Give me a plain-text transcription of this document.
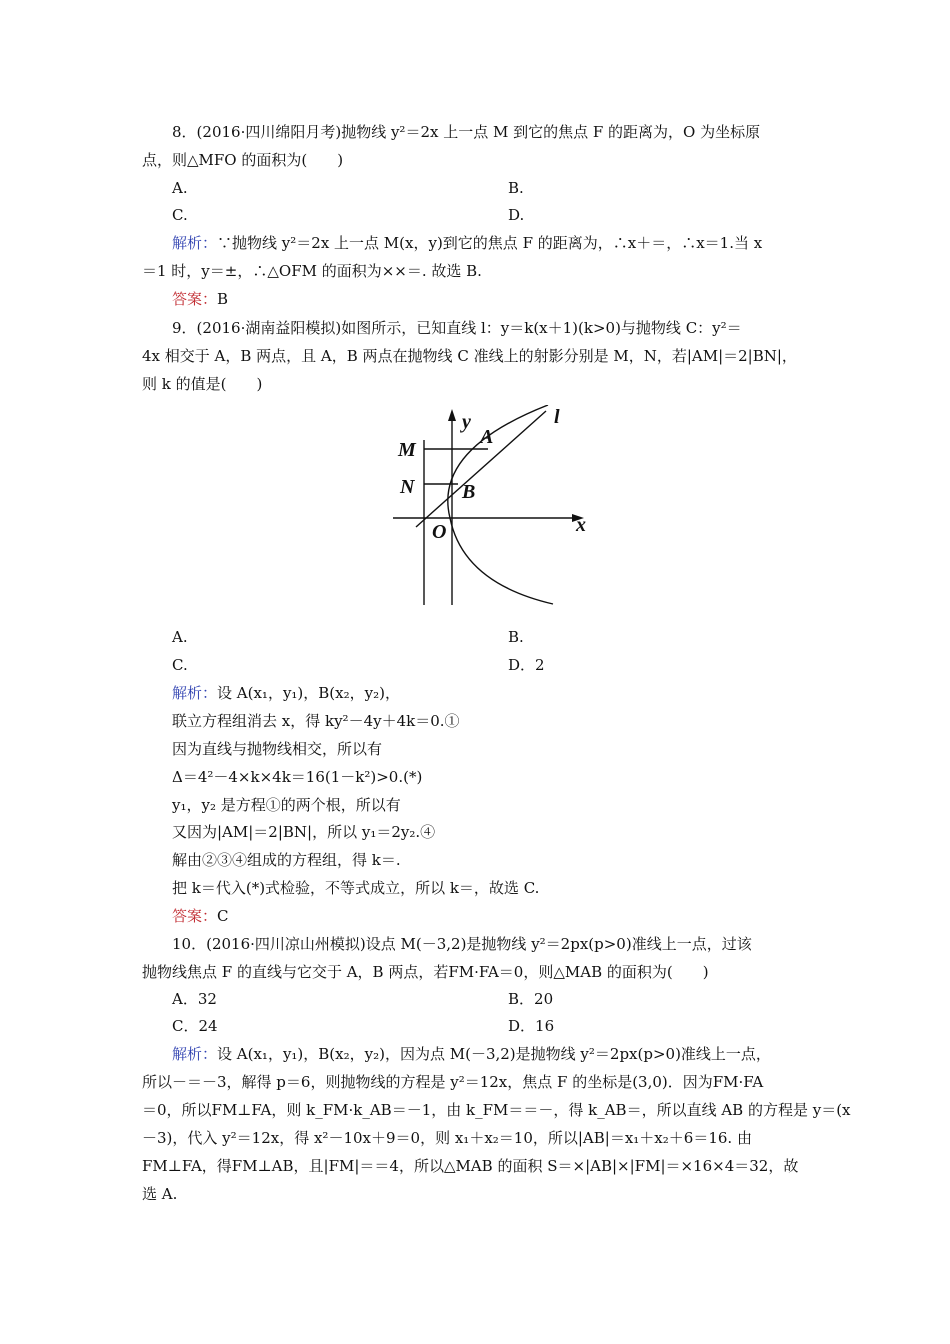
8．(2016·四川绵阳月考)抛物线 y²＝2x 上一点 M 到它的焦点 F 的距离为，O 为坐标原
点，则△MFO 的面积为(　　)
A.	B.
C.	D.
解析：∵抛物线 y²＝2x 上一点 M(x，y)到它的焦点 F 的距离为，∴x＋＝，∴x＝1.当 x
＝1 时，y＝±，∴△OFM 的面积为××＝. 故选 B.
答案：B
9．(2016·湖南益阳模拟)如图所示，已知直线 l：y＝k(x＋1)(k>0)与抛物线 C：y²＝
4x 相交于 A，B 两点，且 A，B 两点在抛物线 C 准线上的射影分别是 M，N，若|AM|＝2|BN|，
则 k 的值是(　　)
y	l
M
A
N B
O	x
A.	B.
C.	D．2
解析：设 A(x₁，y₁)，B(x₂，y₂)，
联立方程组消去 x，得 ky²－4y＋4k＝0.①
因为直线与抛物线相交，所以有
Δ＝4²－4×k×4k＝16(1－k²)>0.(*)
y₁，y₂ 是方程①的两个根，所以有
又因为|AM|＝2|BN|，所以 y₁＝2y₂.④
解由②③④组成的方程组，得 k＝.
把 k＝代入(*)式检验，不等式成立，所以 k＝，故选 C.
答案：C
10．(2016·四川凉山州模拟)设点 M(－3,2)是抛物线 y²＝2px(p>0)准线上一点，过该
抛物线焦点 F 的直线与它交于 A，B 两点，若FM·FA＝0，则△MAB 的面积为(　　)
A．32	B．20
C．24	D．16
解析：设 A(x₁，y₁)，B(x₂，y₂)，因为点 M(－3,2)是抛物线 y²＝2px(p>0)准线上一点，
所以－＝－3，解得 p＝6，则抛物线的方程是 y²＝12x，焦点 F 的坐标是(3,0)．因为FM·FA
＝0，所以FM⊥FA，则 k_FM·k_AB＝－1，由 k_FM＝＝－，得 k_AB＝，所以直线 AB 的方程是 y＝(x
－3)，代入 y²＝12x，得 x²－10x＋9＝0，则 x₁＋x₂＝10，所以|AB|＝x₁＋x₂＋6＝16. 由
FM⊥FA，得FM⊥AB，且|FM|＝＝4，所以△MAB 的面积 S＝×|AB|×|FM|＝×16×4＝32，故
选 A.
